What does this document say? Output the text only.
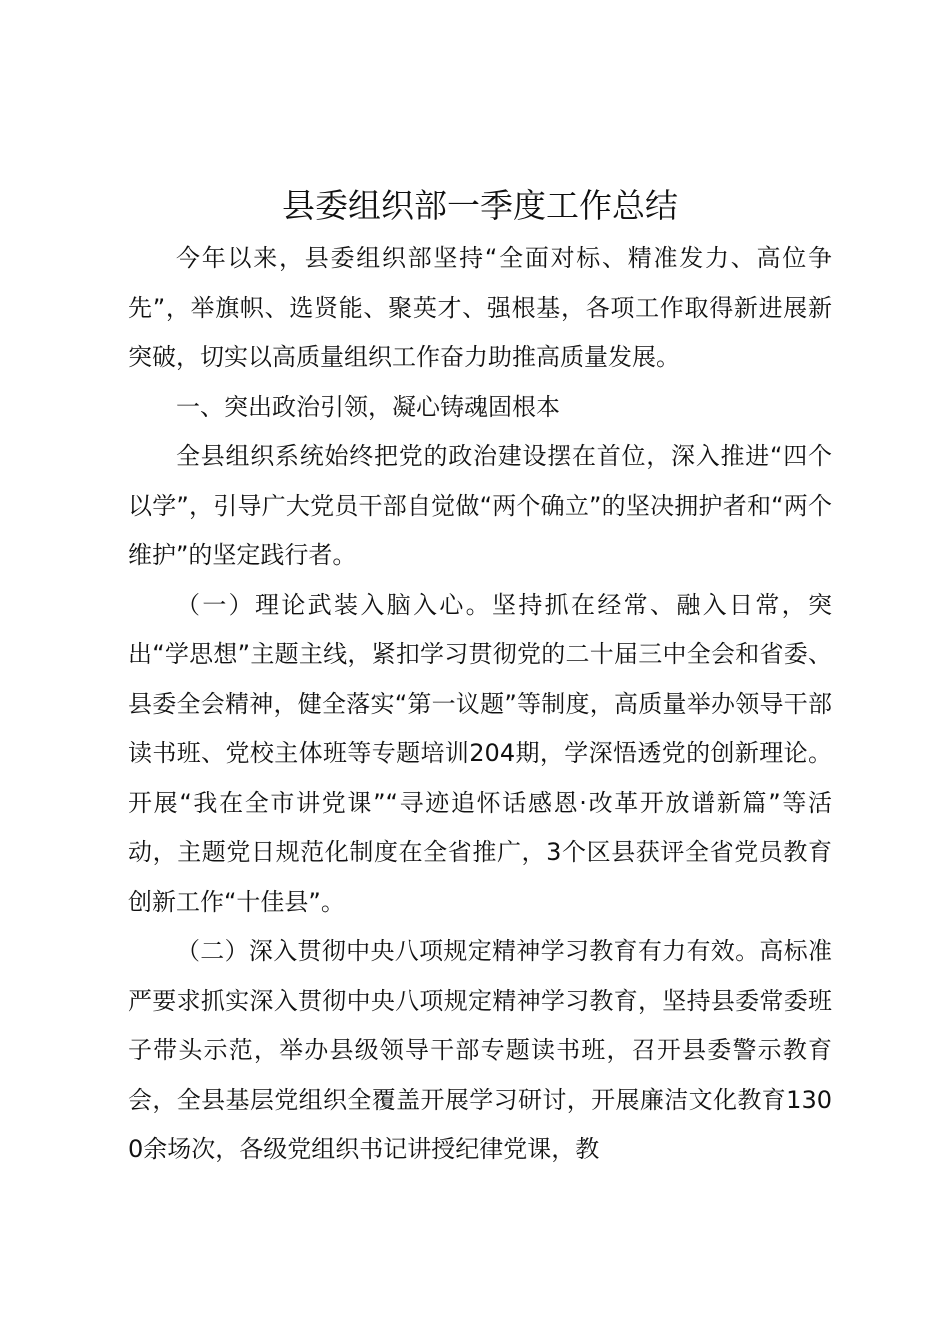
县委组织部一季度工作总结

今年以来，县委组织部坚持“全面对标、精准发力、高位争先”，举旗帜、选贤能、聚英才、强根基，各项工作取得新进展新突破，切实以高质量组织工作奋力助推高质量发展。

一、突出政治引领，凝心铸魂固根本

全县组织系统始终把党的政治建设摆在首位，深入推进“四个以学”，引导广大党员干部自觉做“两个确立”的坚决拥护者和“两个维护”的坚定践行者。

（一）理论武装入脑入心。坚持抓在经常、融入日常，突出“学思想”主题主线，紧扣学习贯彻党的二十届三中全会和省委、县委全会精神，健全落实“第一议题”等制度，高质量举办领导干部读书班、党校主体班等专题培训204期，学深悟透党的创新理论。开展“我在全市讲党课”“寻迹追怀话感恩·改革开放谱新篇”等活动，主题党日规范化制度在全省推广，3个区县获评全省党员教育创新工作“十佳县”。

（二）深入贯彻中央八项规定精神学习教育有力有效。高标准严要求抓实深入贯彻中央八项规定精神学习教育，坚持县委常委班子带头示范，举办县级领导干部专题读书班，召开县委警示教育会，全县基层党组织全覆盖开展学习研讨，开展廉洁文化教育1300余场次，各级党组织书记讲授纪律党课，教
